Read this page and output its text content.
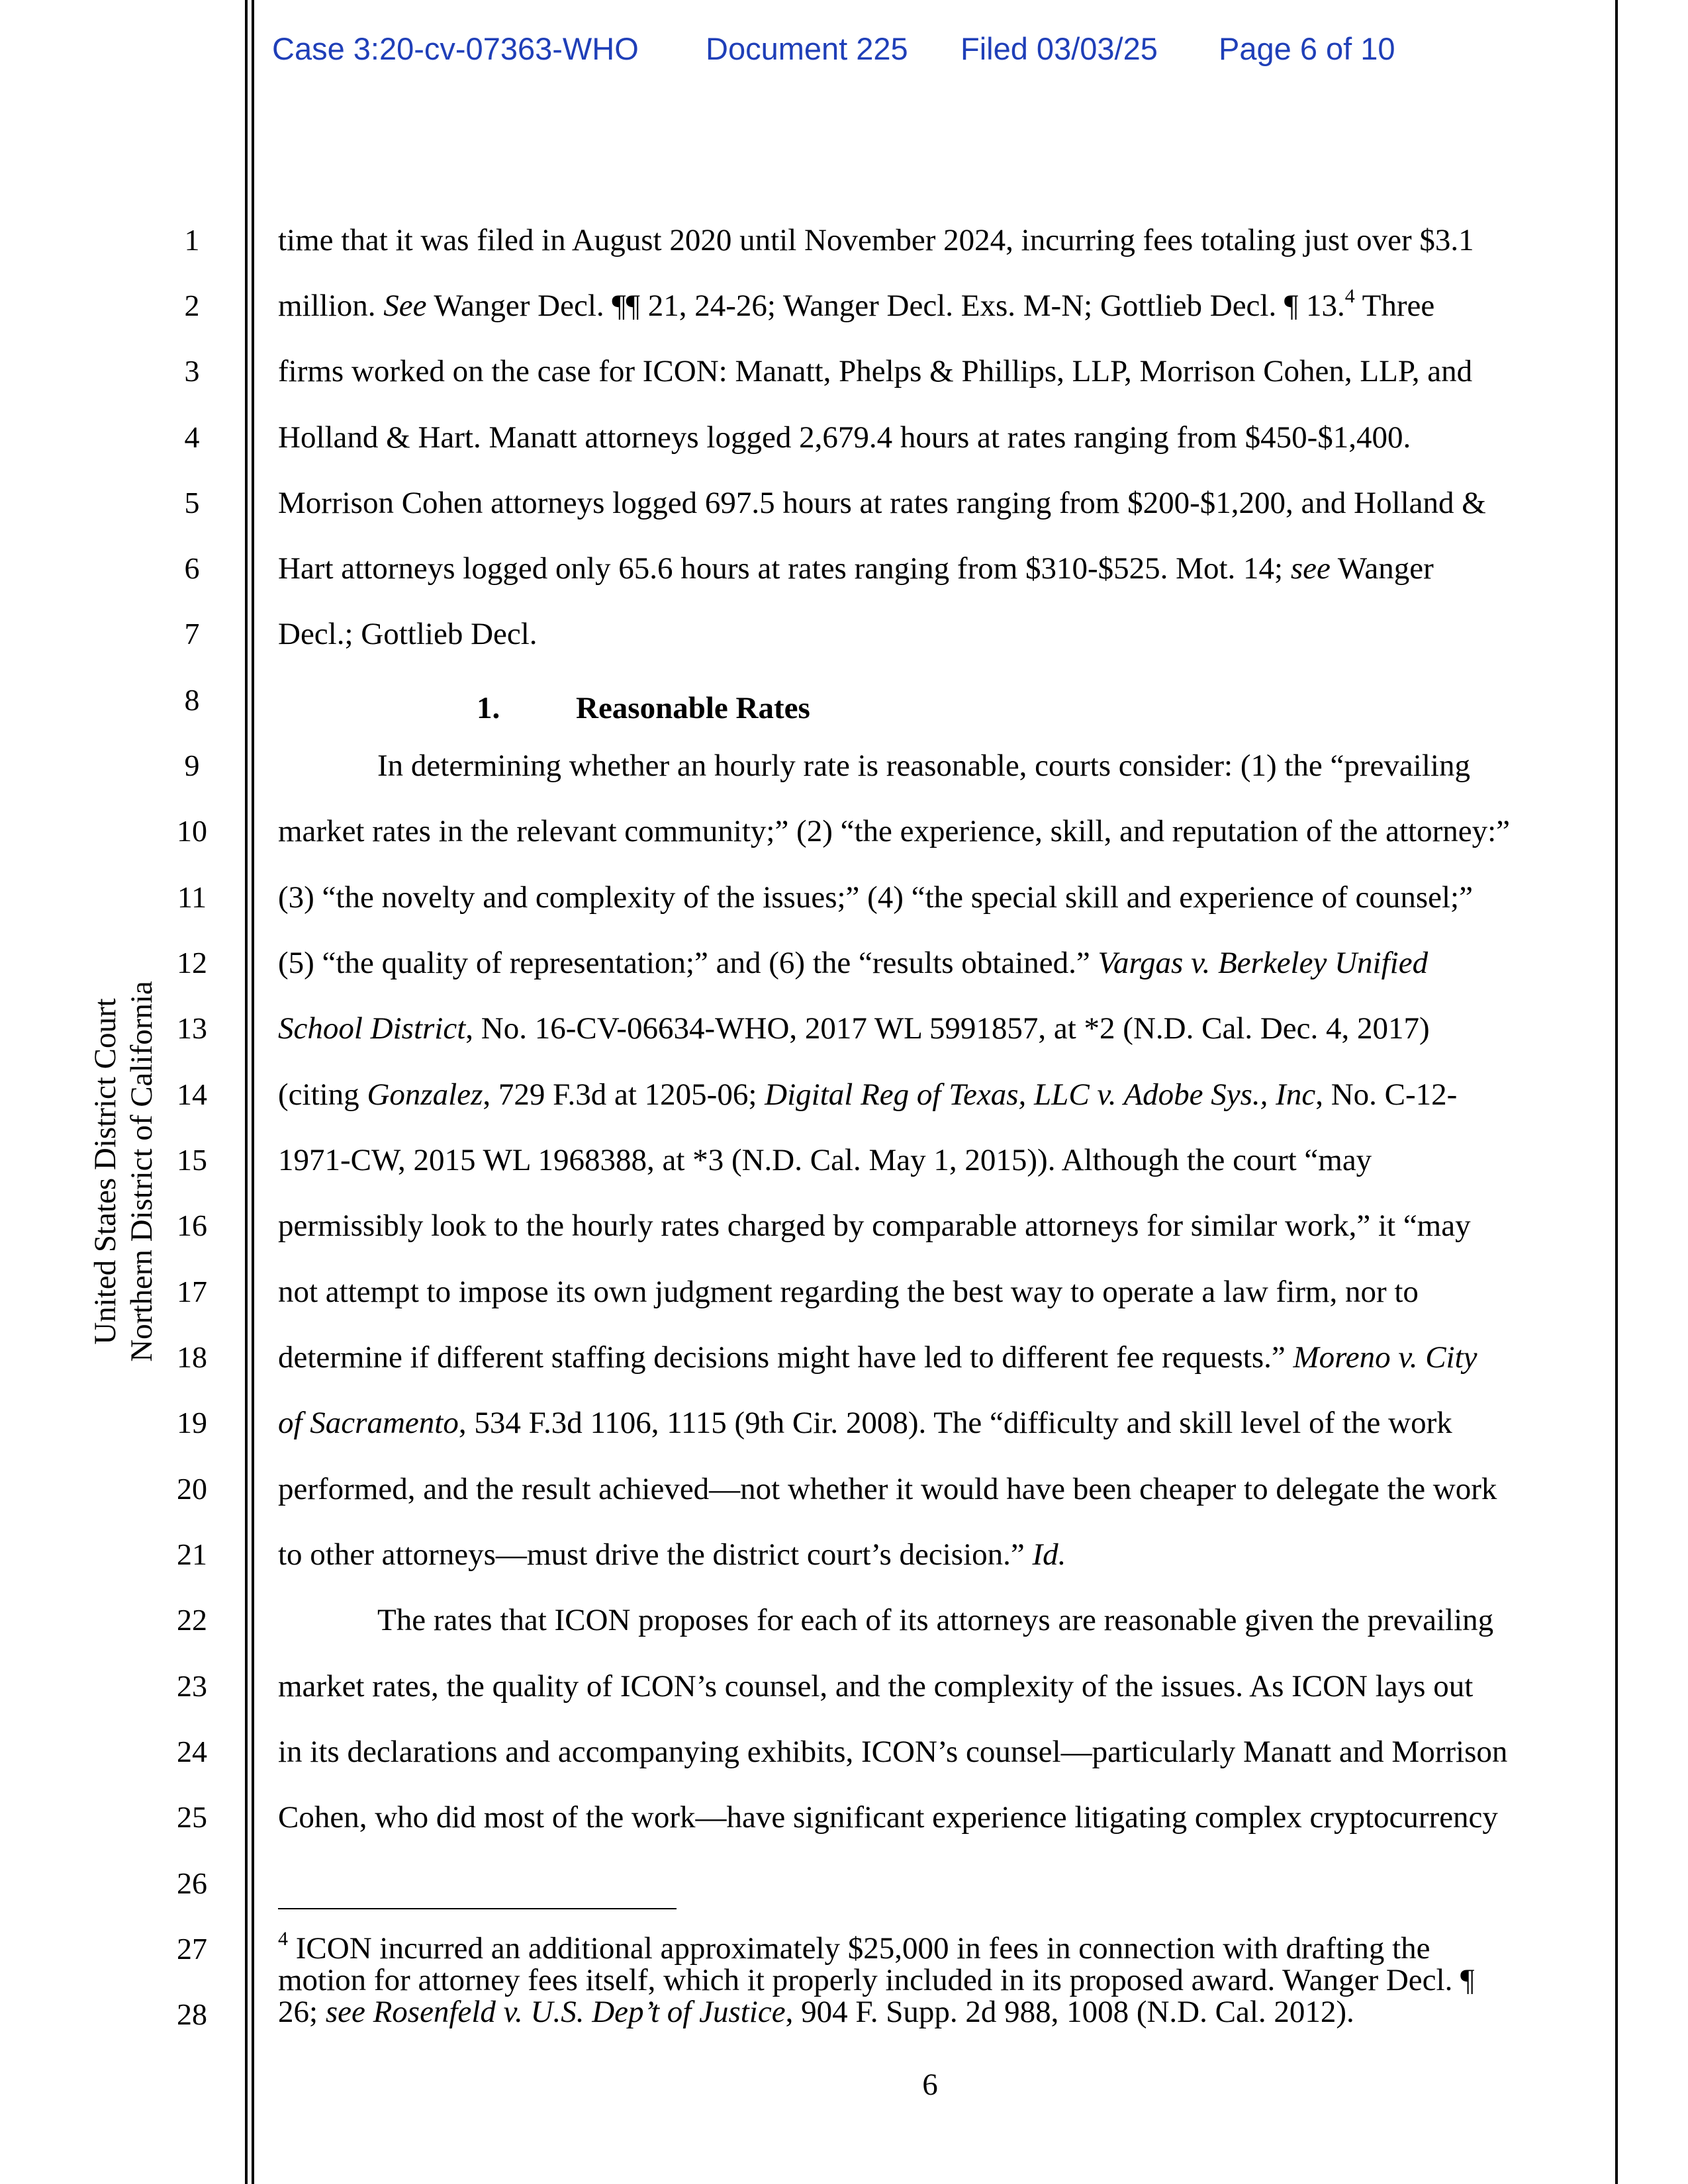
Case 3:20-cv-07363-WHO Document 225 Filed 03/03/25 Page 6 of 10
United States District Court Northern District of California
1
2
3
4
5
6
7
8
9
10
11
12
13
14
15
16
17
18
19
20
21
22
23
24
25
26
27
28
time that it was filed in August 2020 until November 2024, incurring fees totaling just over $3.1
million. See Wanger Decl. ¶¶ 21, 24-26; Wanger Decl. Exs. M-N; Gottlieb Decl. ¶ 13.$^4$ Three
firms worked on the case for ICON: Manatt, Phelps & Phillips, LLP, Morrison Cohen, LLP, and
Holland & Hart. Manatt attorneys logged 2,679.4 hours at rates ranging from $450-$1,400.
Morrison Cohen attorneys logged 697.5 hours at rates ranging from $200-$1,200, and Holland &
Hart attorneys logged only 65.6 hours at rates ranging from $310-$525. Mot. 14; see Wanger
Decl.; Gottlieb Decl.
1. Reasonable Rates
In determining whether an hourly rate is reasonable, courts consider: (1) the “prevailing
market rates in the relevant community;” (2) “the experience, skill, and reputation of the attorney:”
(3) “the novelty and complexity of the issues;” (4) “the special skill and experience of counsel;”
(5) “the quality of representation;” and (6) the “results obtained.” Vargas v. Berkeley Unified
School District, No. 16-CV-06634-WHO, 2017 WL 5991857, at *2 (N.D. Cal. Dec. 4, 2017)
(citing Gonzalez, 729 F.3d at 1205-06; Digital Reg of Texas, LLC v. Adobe Sys., Inc, No. C-12-
1971-CW, 2015 WL 1968388, at *3 (N.D. Cal. May 1, 2015)). Although the court “may
permissibly look to the hourly rates charged by comparable attorneys for similar work,” it “may
not attempt to impose its own judgment regarding the best way to operate a law firm, nor to
determine if different staffing decisions might have led to different fee requests.” Moreno v. City
of Sacramento, 534 F.3d 1106, 1115 (9th Cir. 2008). The “difficulty and skill level of the work
performed, and the result achieved—not whether it would have been cheaper to delegate the work
to other attorneys—must drive the district court’s decision.” Id.
The rates that ICON proposes for each of its attorneys are reasonable given the prevailing
market rates, the quality of ICON’s counsel, and the complexity of the issues. As ICON lays out
in its declarations and accompanying exhibits, ICON’s counsel—particularly Manatt and Morrison
Cohen, who did most of the work—have significant experience litigating complex cryptocurrency
$^4$ ICON incurred an additional approximately $25,000 in fees in connection with drafting the
motion for attorney fees itself, which it properly included in its proposed award. Wanger Decl. ¶
26; see Rosenfeld v. U.S. Dep’t of Justice, 904 F. Supp. 2d 988, 1008 (N.D. Cal. 2012).
6
